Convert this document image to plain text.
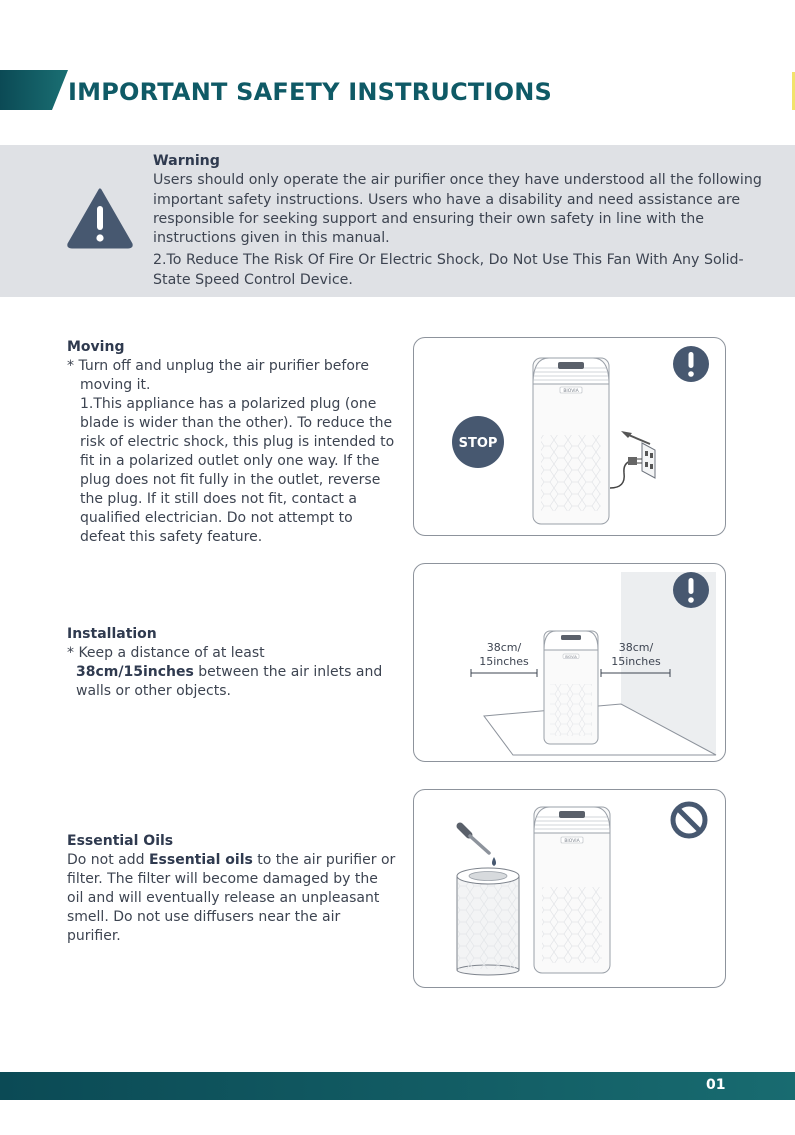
IMPORTANT SAFETY INSTRUCTIONS
Warning
Users should only operate the air purifier once they have understood all the following important safety instructions. Users who have a disability and need assistance are responsible for seeking support and ensuring their own safety in line with the instructions given in this manual.
2.To Reduce The Risk Of Fire Or Electric Shock, Do Not Use This Fan With Any Solid-State Speed Control Device.
Moving
* Turn off and unplug the air purifier before moving it.
1.This appliance has a polarized plug (one blade is wider than the other). To reduce the risk of electric shock, this plug is intended to fit in a polarized outlet only one way. If the plug does not fit fully in the outlet, reverse the plug. If it still does not fit, contact a qualified electrician. Do not attempt to defeat this safety feature.
BIOVIA
STOP
Installation
* Keep a distance of at least
38cm/15inches between the air inlets and walls or other objects.
BIOVIA
38cm/
15inches
38cm/
15inches
Essential Oils
Do not add Essential oils to the air purifier or filter. The filter will become damaged by the oil and will eventually release an unpleasant smell. Do not use diffusers near the air purifier.
BIOVIA
01
